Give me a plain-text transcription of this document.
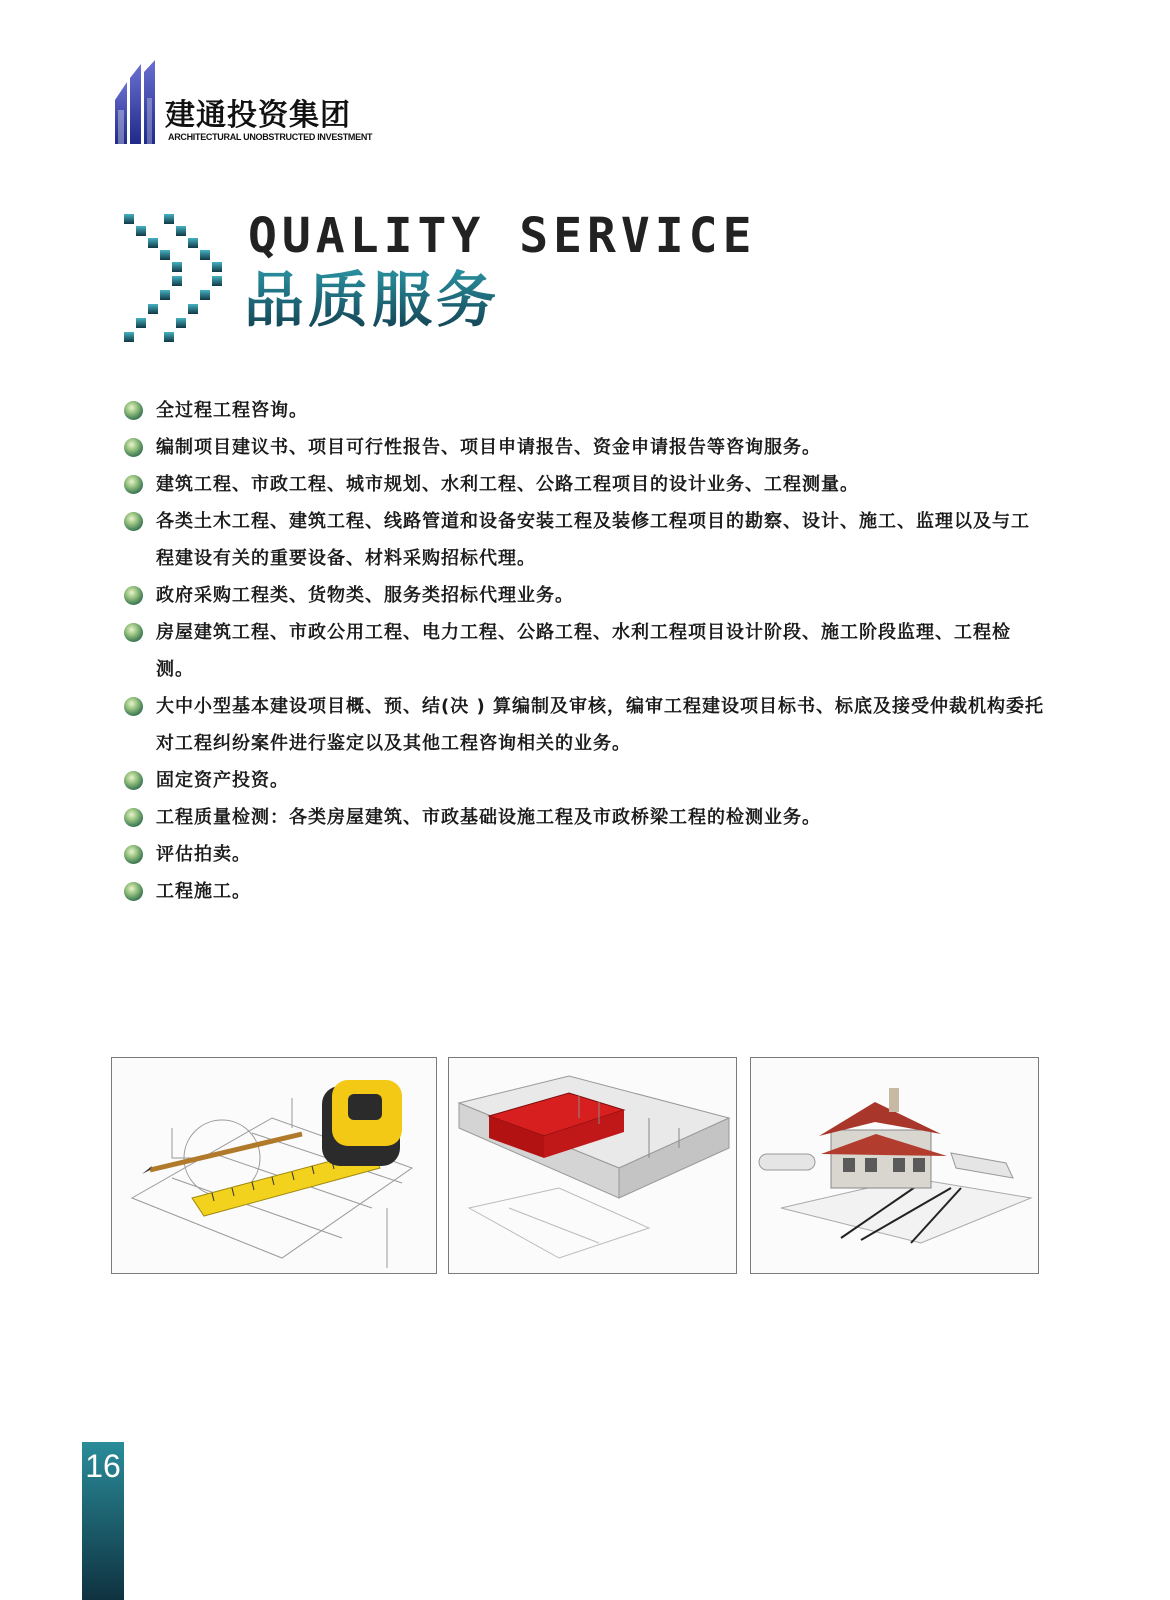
建通投资集团
ARCHITECTURAL UNOBSTRUCTED INVESTMENT
QUALITY SERVICE
品质服务
全过程工程咨询。
编制项目建议书、项目可行性报告、项目申请报告、资金申请报告等咨询服务。
建筑工程、市政工程、城市规划、水利工程、公路工程项目的设计业务、工程测量。
各类土木工程、建筑工程、线路管道和设备安装工程及装修工程项目的勘察、设计、施工、监理以及与工程建设有关的重要设备、材料采购招标代理。
政府采购工程类、货物类、服务类招标代理业务。
房屋建筑工程、市政公用工程、电力工程、公路工程、水利工程项目设计阶段、施工阶段监理、工程检测。
大中小型基本建设项目概、预、结(决 ) 算编制及审核，编审工程建设项目标书、标底及接受仲裁机构委托对工程纠纷案件进行鉴定以及其他工程咨询相关的业务。
固定资产投资。
工程质量检测：各类房屋建筑、市政基础设施工程及市政桥梁工程的检测业务。
评估拍卖。
工程施工。
16
